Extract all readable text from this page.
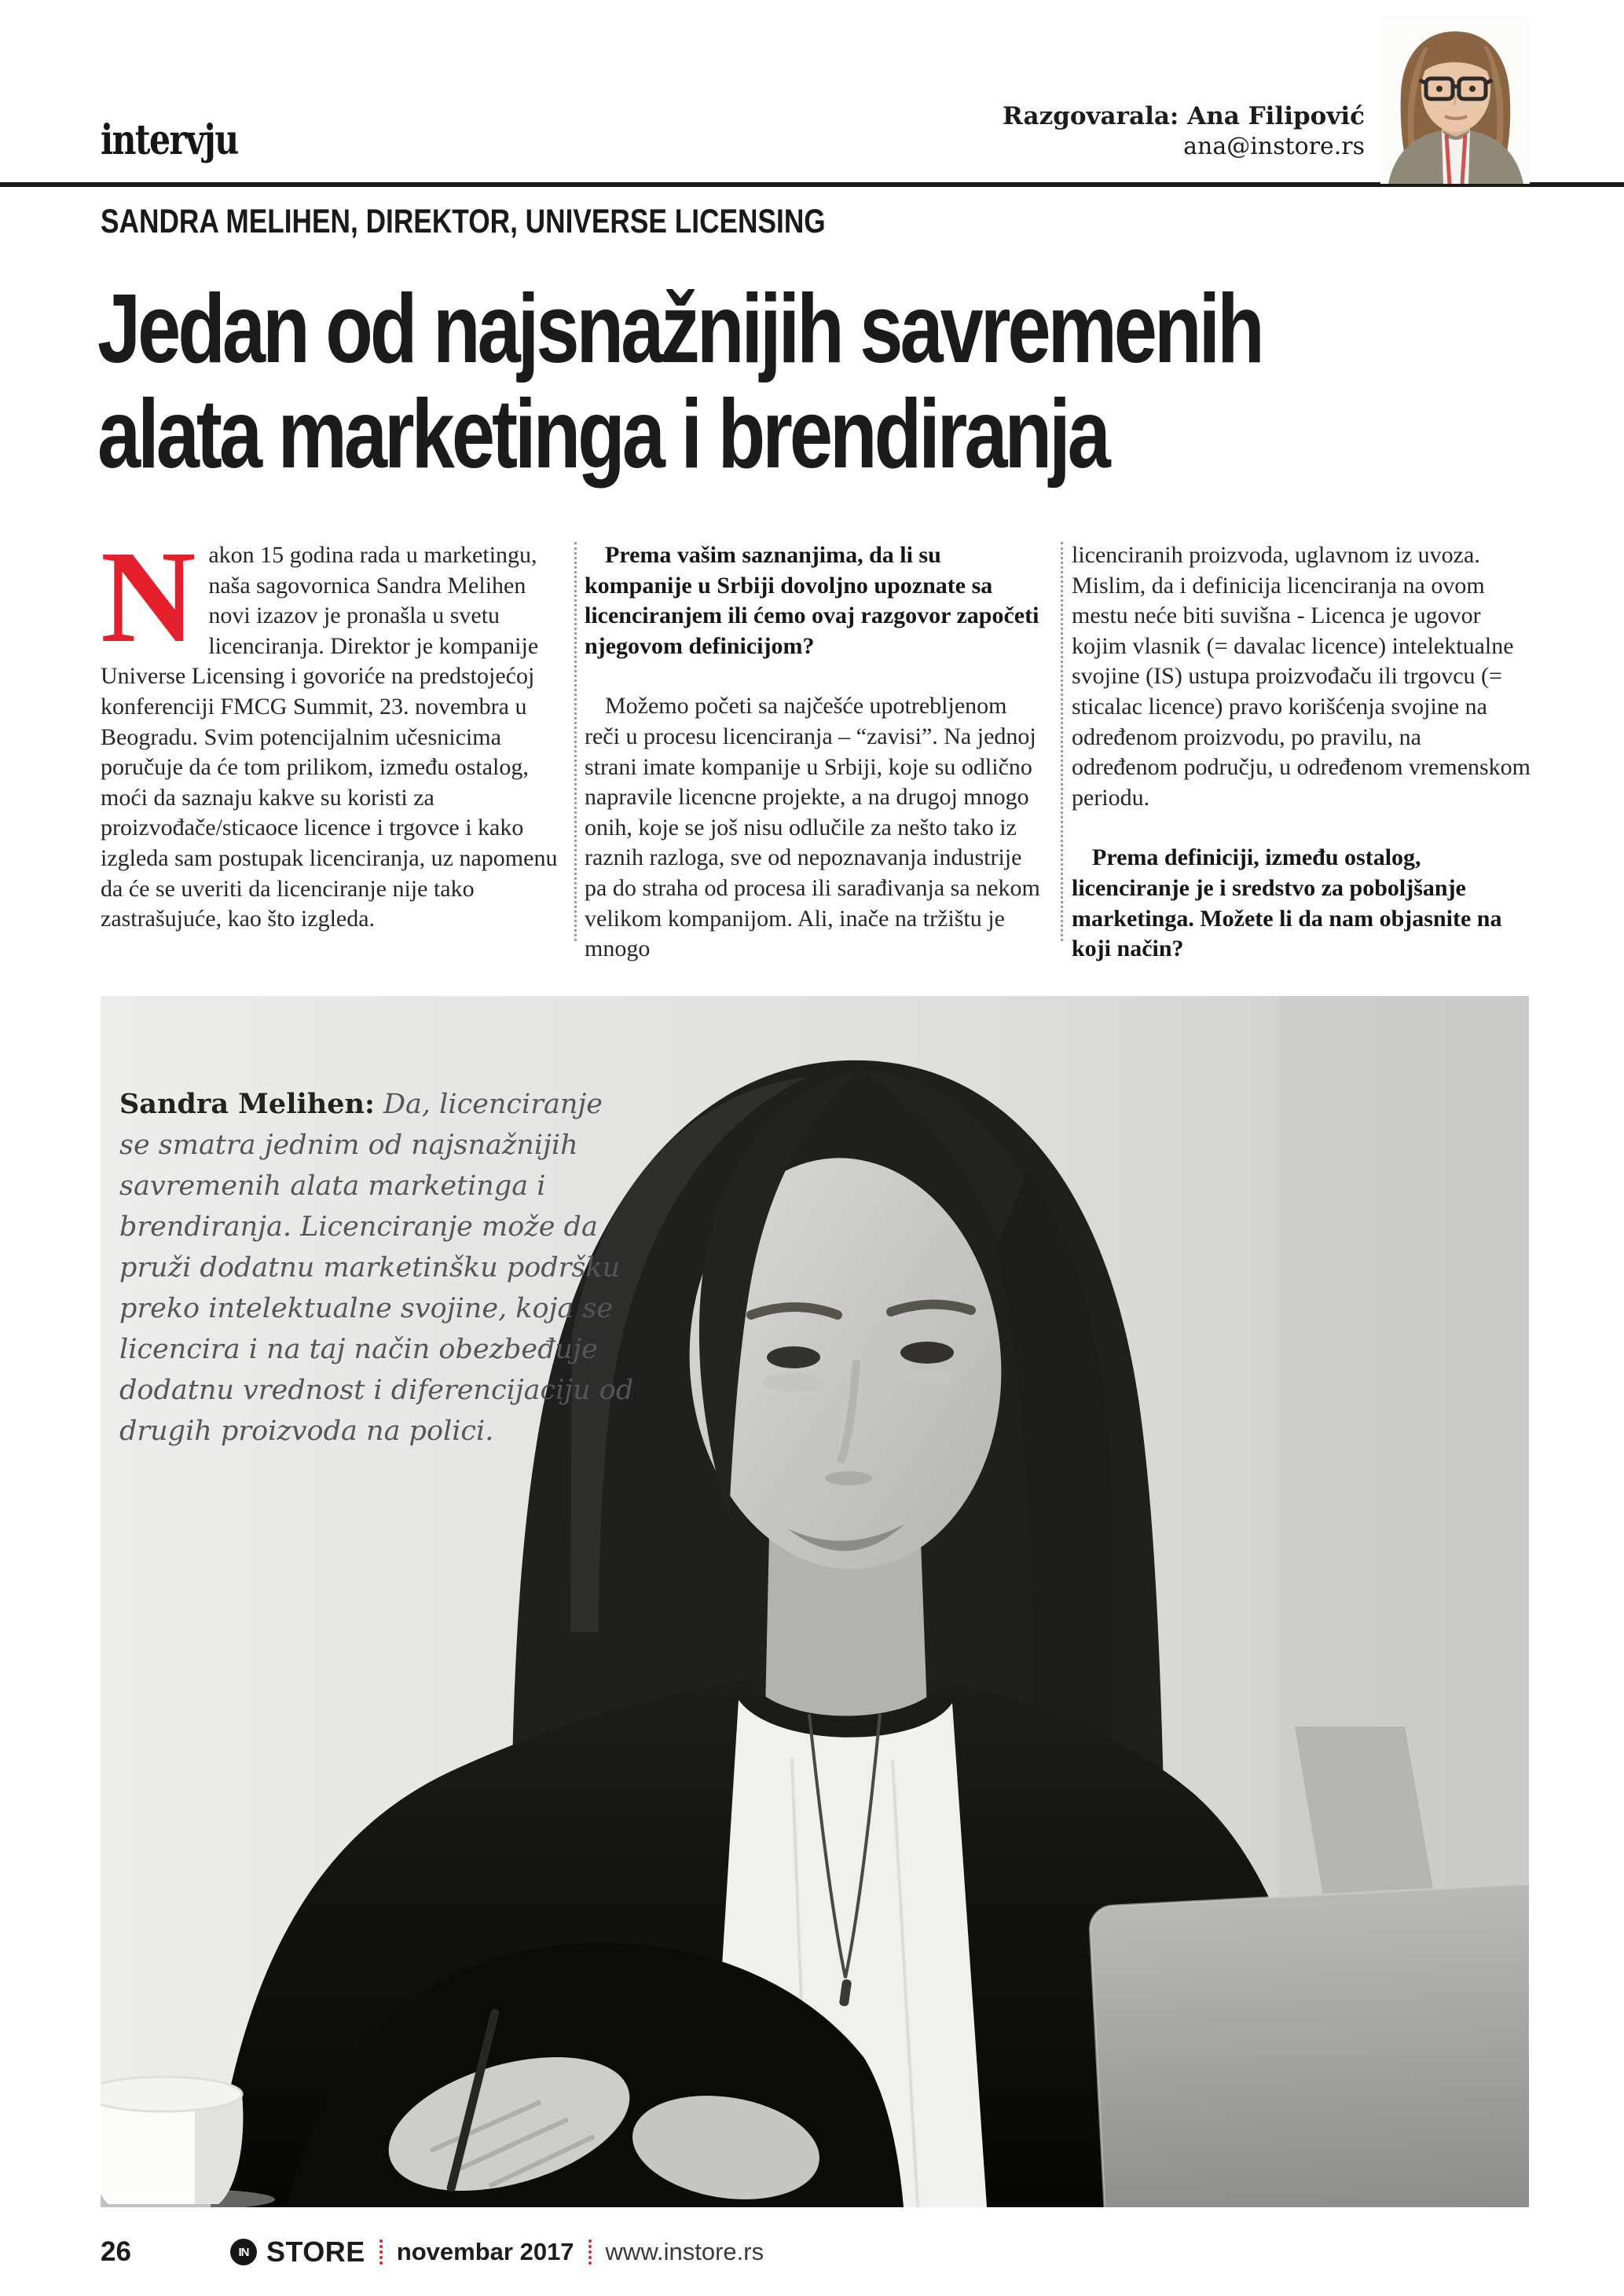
intervju	Razgovarala: Ana Filipović
ana@instore.rs
SANDRA MELIHEN, DIREKTOR, UNIVERSE LICENSING
Jedan od najsnažnijih savremenih
alata marketinga i brendiranja

Nakon 15 godina rada u marketingu, naša sagovornica Sandra Melihen novi izazov je pronašla u svetu licenciranja. Direktor je kompanije Universe Licensing i govoriće na predstojećoj konferenciji FMCG Summit, 23. novembra u Beogradu. Svim potencijalnim učesnicima poručuje da će tom prilikom, između ostalog, moći da saznaju kakve su koristi za proizvođače/sticaoce licence i trgovce i kako izgleda sam postupak licenciranja, uz napomenu da će se uveriti da licenciranje nije tako zastrašujuće, kao što izgleda.

Prema vašim saznanjima, da li su kompanije u Srbiji dovoljno upoznate sa licenciranjem ili ćemo ovaj razgovor započeti njegovom definicijom?

Možemo početi sa najčešće upotrebljenom reči u procesu licenciranja – “zavisi”. Na jednoj strani imate kompanije u Srbiji, koje su odlično napravile licencne projekte, a na drugoj mnogo onih, koje se još nisu odlučile za nešto tako iz raznih razloga, sve od nepoznavanja industrije pa do straha od procesa ili sarađivanja sa nekom velikom kompanijom. Ali, inače na tržištu je mnogo

licenciranih proizvoda, uglavnom iz uvoza. Mislim, da i definicija licenciranja na ovom mestu neće biti suvišna - Licenca je ugovor kojim vlasnik (= davalac licence) intelektualne svojine (IS) ustupa proizvođaču ili trgovcu (= sticalac licence) pravo korišćenja svojine na određenom proizvodu, po pravilu, na određenom području, u određenom vremenskom periodu.

Prema definiciji, između ostalog, licenciranje je i sredstvo za poboljšanje marketinga. Možete li da nam objasnite na koji način?

Sandra Melihen: Da, licenciranje se smatra jednim od najsnažnijih savremenih alata marketinga i brendiranja. Licenciranje može da pruži dodatnu marketinšku podršku preko intelektualne svojine, koja se licencira i na taj način obezbeđuje dodatnu vrednost i diferencijaciju od drugih proizvoda na polici.
26	IN STORE novembar 2017 www.instore.rs
